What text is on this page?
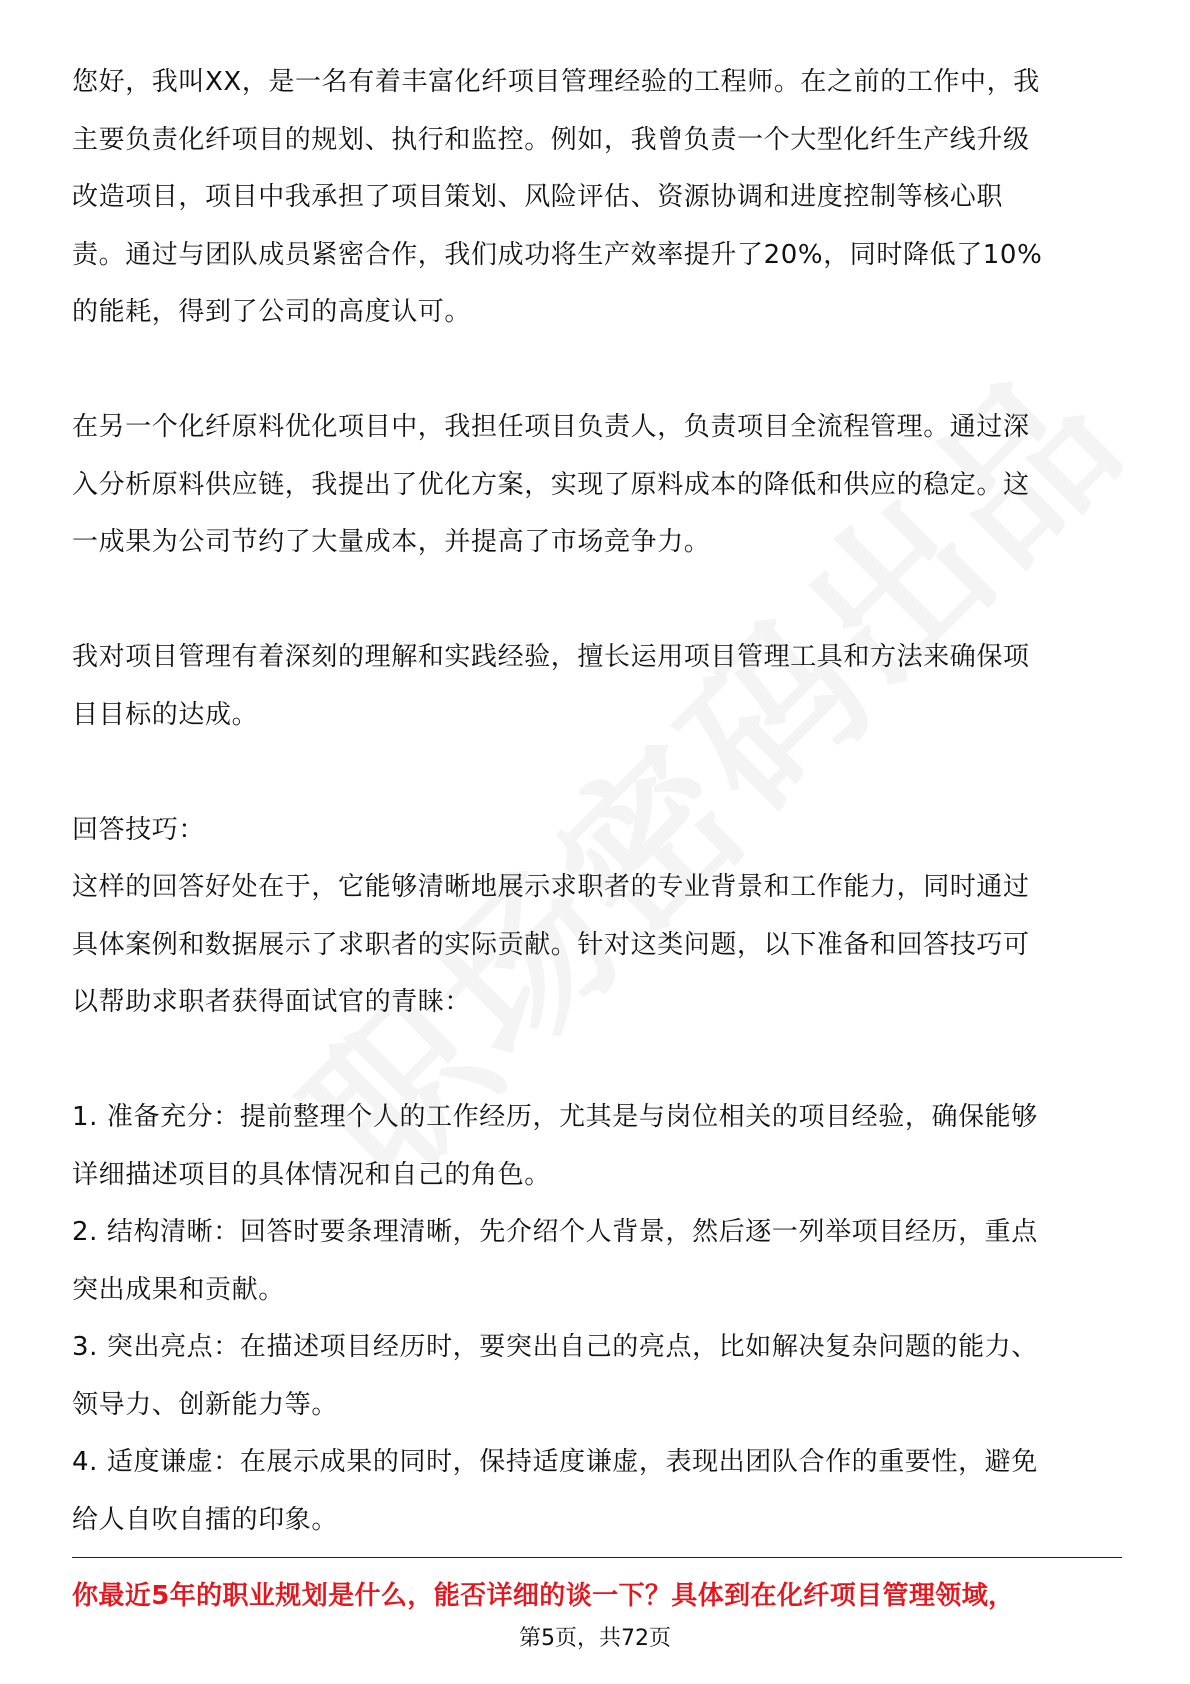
您好，我叫XX，是一名有着丰富化纤项目管理经验的工程师。在之前的工作中，我

主要负责化纤项目的规划、执行和监控。例如，我曾负责一个大型化纤生产线升级

改造项目，项目中我承担了项目策划、风险评估、资源协调和进度控制等核心职

责。通过与团队成员紧密合作，我们成功将生产效率提升了20%，同时降低了10%

的能耗，得到了公司的高度认可。

在另一个化纤原料优化项目中，我担任项目负责人，负责项目全流程管理。通过深

入分析原料供应链，我提出了优化方案，实现了原料成本的降低和供应的稳定。这

一成果为公司节约了大量成本，并提高了市场竞争力。

我对项目管理有着深刻的理解和实践经验，擅长运用项目管理工具和方法来确保项

目目标的达成。

回答技巧：

这样的回答好处在于，它能够清晰地展示求职者的专业背景和工作能力，同时通过

具体案例和数据展示了求职者的实际贡献。针对这类问题，以下准备和回答技巧可

以帮助求职者获得面试官的青睐：

1. 准备充分：提前整理个人的工作经历，尤其是与岗位相关的项目经验，确保能够

详细描述项目的具体情况和自己的角色。

2. 结构清晰：回答时要条理清晰，先介绍个人背景，然后逐一列举项目经历，重点

突出成果和贡献。

3. 突出亮点：在描述项目经历时，要突出自己的亮点，比如解决复杂问题的能力、

领导力、创新能力等。

4. 适度谦虚：在展示成果的同时，保持适度谦虚，表现出团队合作的重要性，避免

给人自吹自擂的印象。

你最近5年的职业规划是什么，能否详细的谈一下？具体到在化纤项目管理领域，
第5页，共72页
